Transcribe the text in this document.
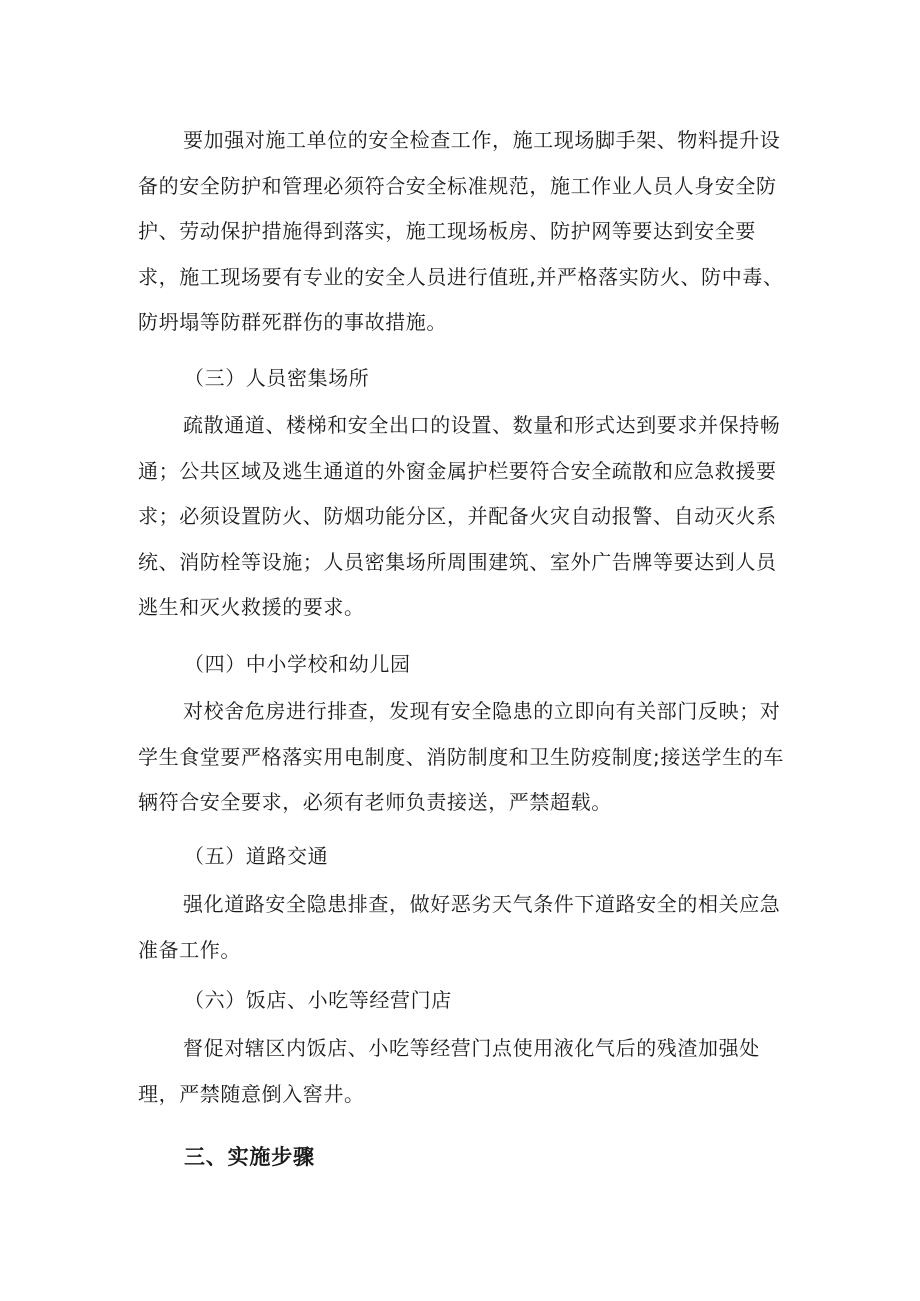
要加强对施工单位的安全检查工作，施工现场脚手架、物料提升设备的安全防护和管理必须符合安全标准规范，施工作业人员人身安全防护、劳动保护措施得到落实，施工现场板房、防护网等要达到安全要求，施工现场要有专业的安全人员进行值班,并严格落实防火、防中毒、防坍塌等防群死群伤的事故措施。

（三）人员密集场所

疏散通道、楼梯和安全出口的设置、数量和形式达到要求并保持畅通；公共区域及逃生通道的外窗金属护栏要符合安全疏散和应急救援要求；必须设置防火、防烟功能分区，并配备火灾自动报警、自动灭火系统、消防栓等设施；人员密集场所周围建筑、室外广告牌等要达到人员逃生和灭火救援的要求。

（四）中小学校和幼儿园

对校舍危房进行排查，发现有安全隐患的立即向有关部门反映；对学生食堂要严格落实用电制度、消防制度和卫生防疫制度;接送学生的车辆符合安全要求，必须有老师负责接送，严禁超载。

（五）道路交通

强化道路安全隐患排查，做好恶劣天气条件下道路安全的相关应急准备工作。

（六）饭店、小吃等经营门店

督促对辖区内饭店、小吃等经营门点使用液化气后的残渣加强处理，严禁随意倒入窖井。

三、实施步骤
